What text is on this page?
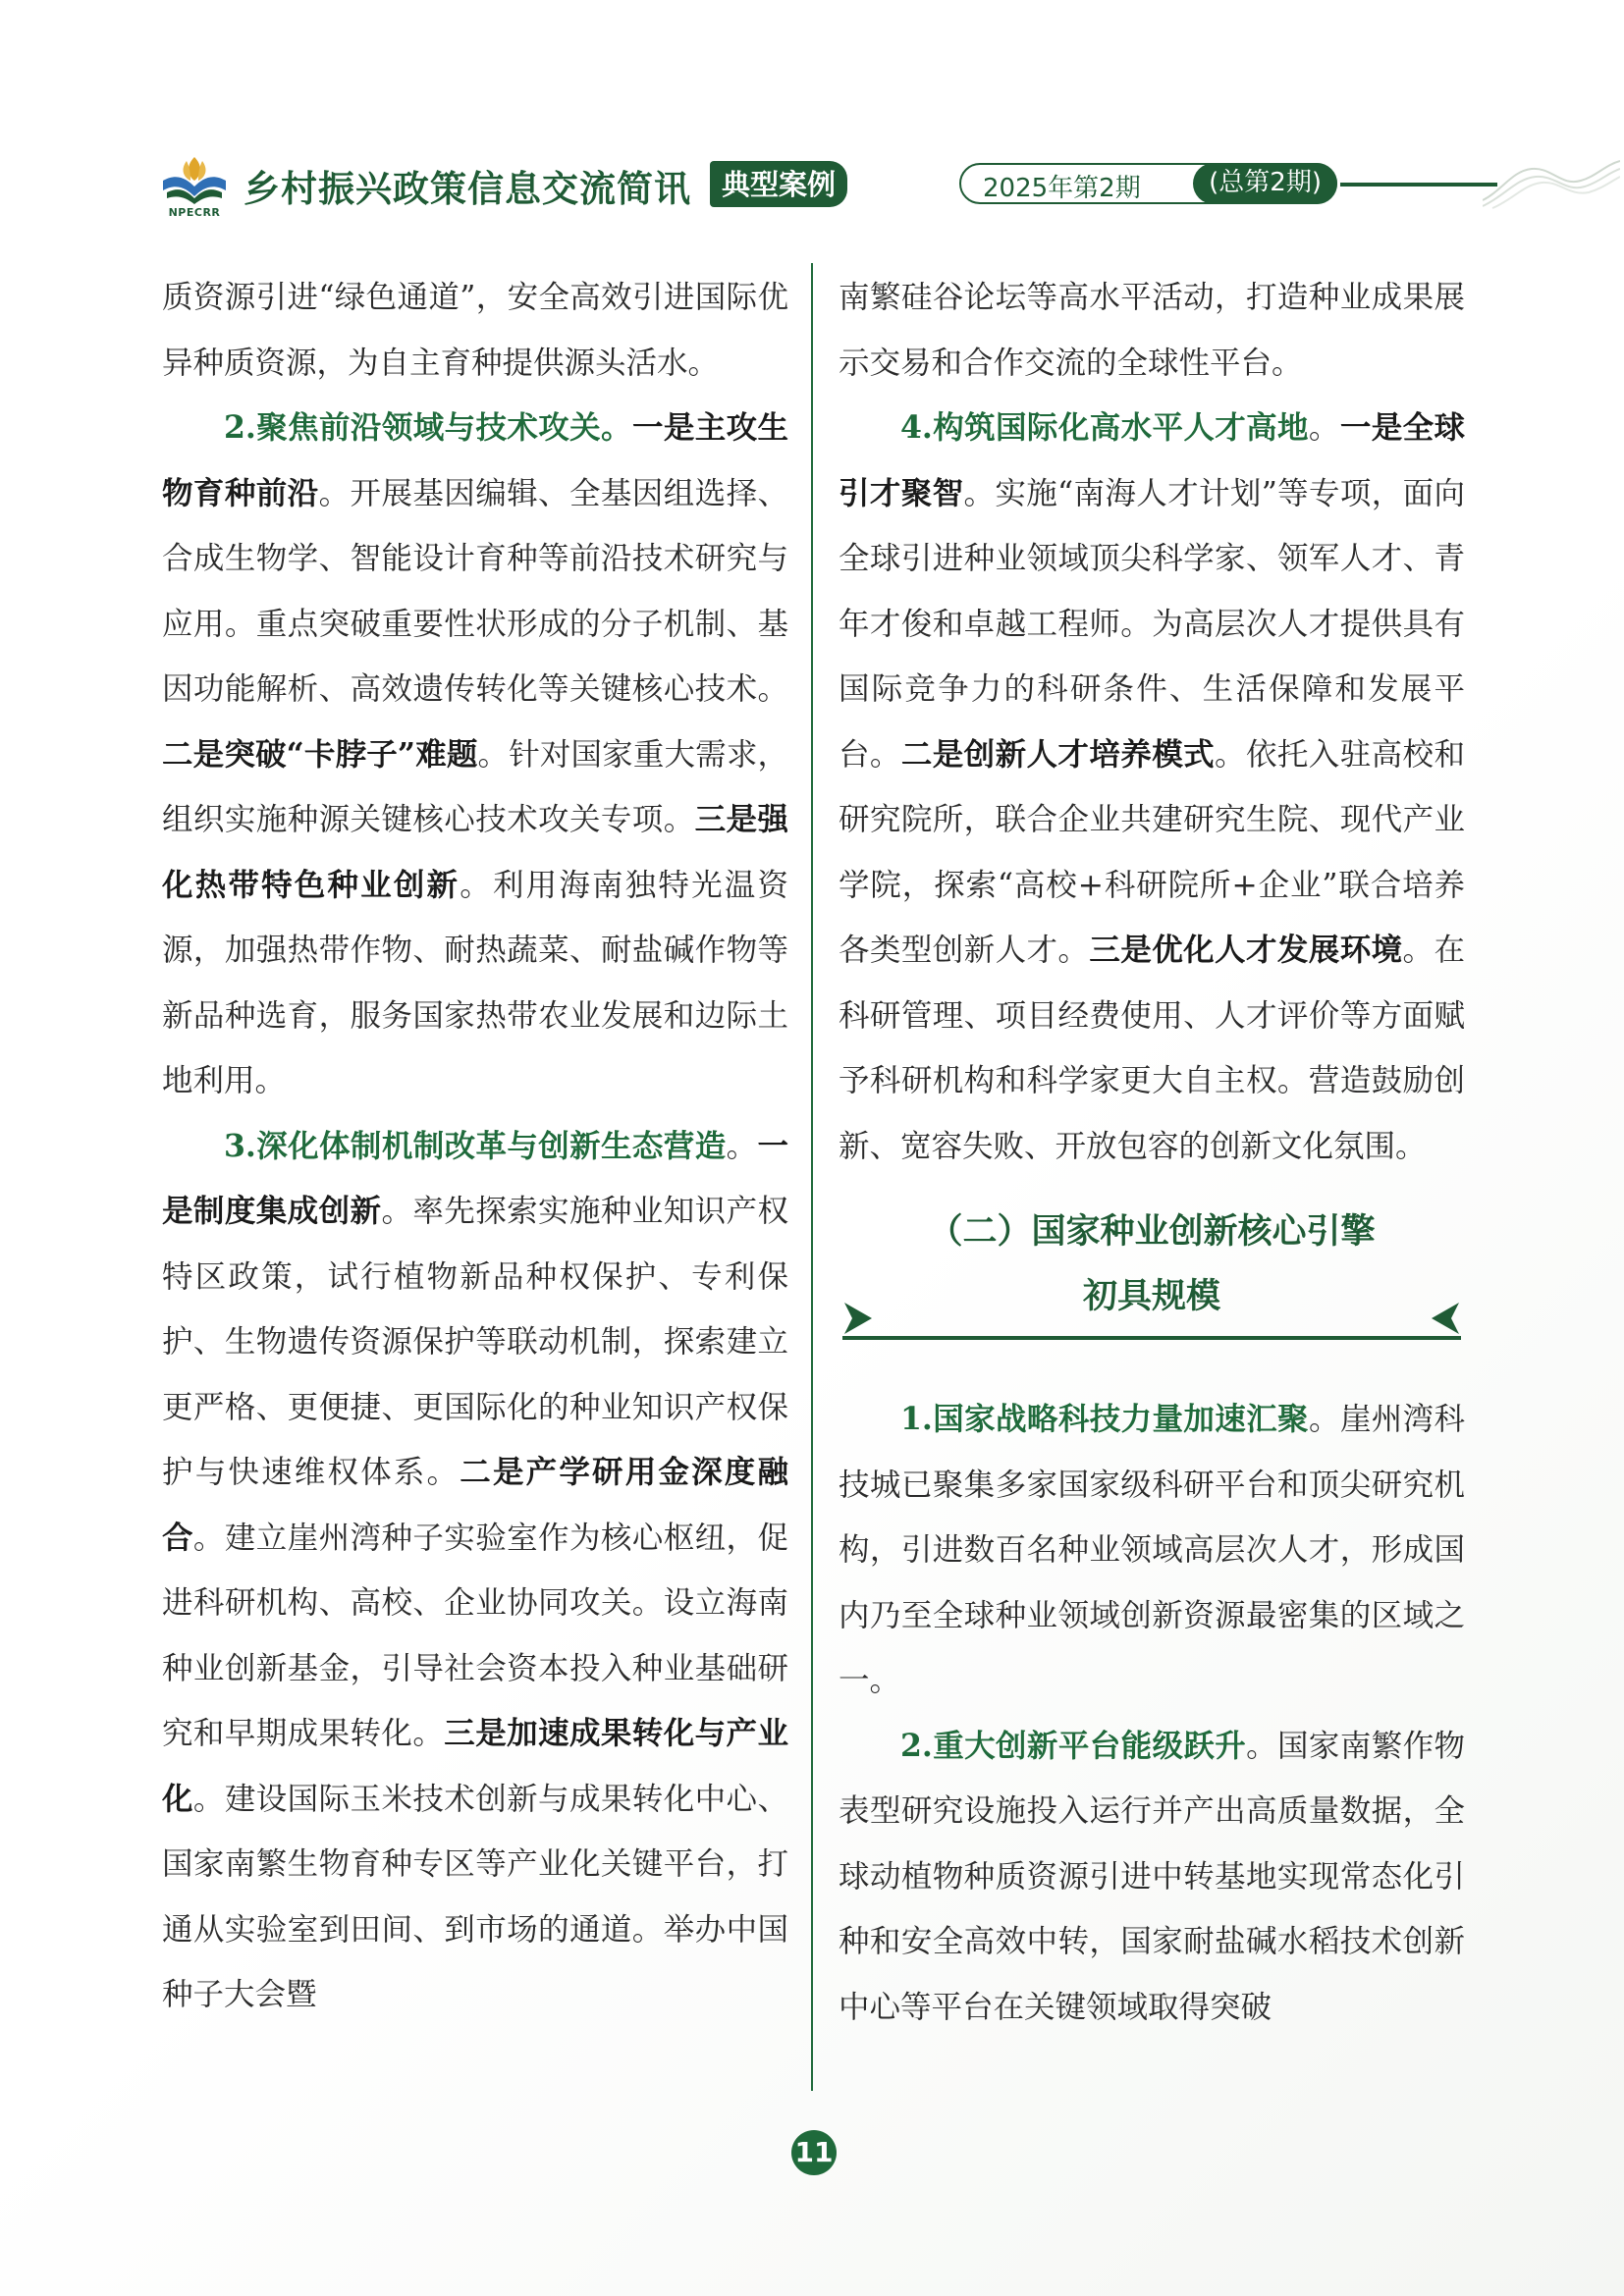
NPECRR
乡村振兴政策信息交流简讯	典型案例	2025年第2期	(总第2期)

质资源引进“绿色通道”，安全高效引进国际优异种质资源，为自主育种提供源头活水。

2.聚焦前沿领域与技术攻关。一是主攻生物育种前沿。开展基因编辑、全基因组选择、合成生物学、智能设计育种等前沿技术研究与应用。重点突破重要性状形成的分子机制、基因功能解析、高效遗传转化等关键核心技术。二是突破“卡脖子”难题。针对国家重大需求，组织实施种源关键核心技术攻关专项。三是强化热带特色种业创新。利用海南独特光温资源，加强热带作物、耐热蔬菜、耐盐碱作物等新品种选育，服务国家热带农业发展和边际土地利用。

3.深化体制机制改革与创新生态营造。一是制度集成创新。率先探索实施种业知识产权特区政策，试行植物新品种权保护、专利保护、生物遗传资源保护等联动机制，探索建立更严格、更便捷、更国际化的种业知识产权保护与快速维权体系。二是产学研用金深度融合。建立崖州湾种子实验室作为核心枢纽，促进科研机构、高校、企业协同攻关。设立海南种业创新基金，引导社会资本投入种业基础研究和早期成果转化。三是加速成果转化与产业化。建设国际玉米技术创新与成果转化中心、国家南繁生物育种专区等产业化关键平台，打通从实验室到田间、到市场的通道。举办中国种子大会暨

南繁硅谷论坛等高水平活动，打造种业成果展示交易和合作交流的全球性平台。

4.构筑国际化高水平人才高地。一是全球引才聚智。实施“南海人才计划”等专项，面向全球引进种业领域顶尖科学家、领军人才、青年才俊和卓越工程师。为高层次人才提供具有国际竞争力的科研条件、生活保障和发展平台。二是创新人才培养模式。依托入驻高校和研究院所，联合企业共建研究生院、现代产业学院，探索“高校+科研院所+企业”联合培养各类型创新人才。三是优化人才发展环境。在科研管理、项目经费使用、人才评价等方面赋予科研机构和科学家更大自主权。营造鼓励创新、宽容失败、开放包容的创新文化氛围。

（二）国家种业创新核心引擎
初具规模

1.国家战略科技力量加速汇聚。崖州湾科技城已聚集多家国家级科研平台和顶尖研究机构，引进数百名种业领域高层次人才，形成国内乃至全球种业领域创新资源最密集的区域之一。

2.重大创新平台能级跃升。国家南繁作物表型研究设施投入运行并产出高质量数据，全球动植物种质资源引进中转基地实现常态化引种和安全高效中转，国家耐盐碱水稻技术创新中心等平台在关键领域取得突破

11
